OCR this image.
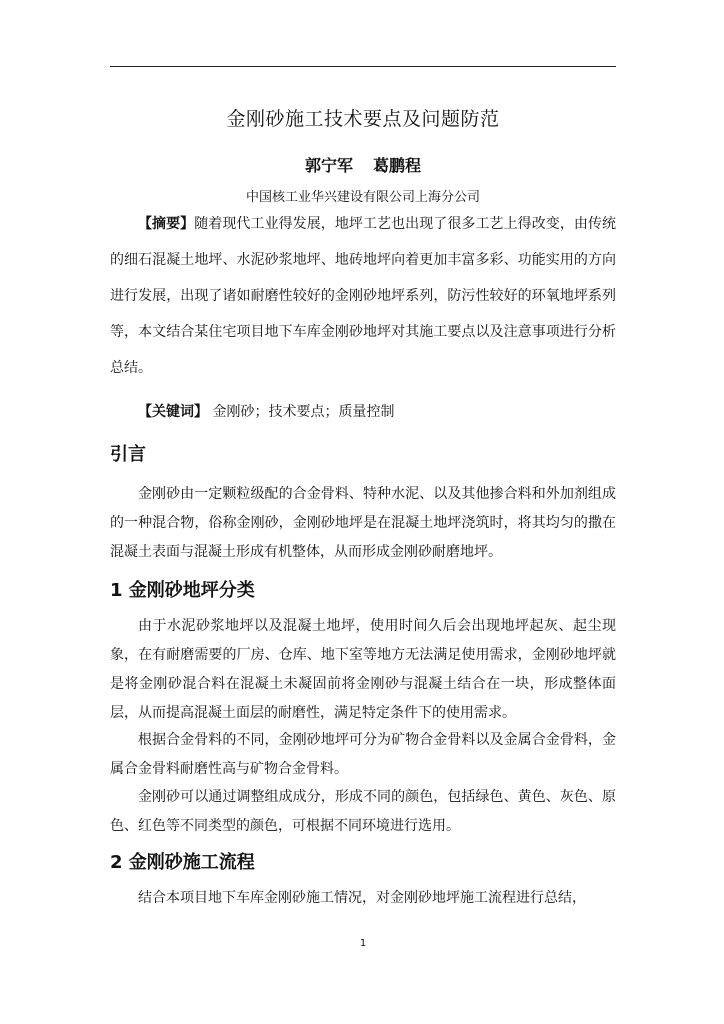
金刚砂施工技术要点及问题防范
郭宁军 葛鹏程
中国核工业华兴建设有限公司上海分公司

【摘要】随着现代工业得发展，地坪工艺也出现了很多工艺上得改变，由传统的细石混凝土地坪、水泥砂浆地坪、地砖地坪向着更加丰富多彩、功能实用的方向进行发展，出现了诸如耐磨性较好的金刚砂地坪系列，防污性较好的环氧地坪系列等，本文结合某住宅项目地下车库金刚砂地坪对其施工要点以及注意事项进行分析总结。

【关键词】 金刚砂；技术要点；质量控制

引言

金刚砂由一定颗粒级配的合金骨料、特种水泥、以及其他掺合料和外加剂组成的一种混合物，俗称金刚砂，金刚砂地坪是在混凝土地坪浇筑时，将其均匀的撒在混凝土表面与混凝土形成有机整体，从而形成金刚砂耐磨地坪。

1 金刚砂地坪分类

由于水泥砂浆地坪以及混凝土地坪，使用时间久后会出现地坪起灰、起尘现象，在有耐磨需要的厂房、仓库、地下室等地方无法满足使用需求，金刚砂地坪就是将金刚砂混合料在混凝土未凝固前将金刚砂与混凝土结合在一块，形成整体面层，从而提高混凝土面层的耐磨性，满足特定条件下的使用需求。

根据合金骨料的不同，金刚砂地坪可分为矿物合金骨料以及金属合金骨料，金属合金骨料耐磨性高与矿物合金骨料。

金刚砂可以通过调整组成成分，形成不同的颜色，包括绿色、黄色、灰色、原色、红色等不同类型的颜色，可根据不同环境进行选用。

2 金刚砂施工流程

结合本项目地下车库金刚砂施工情况，对金刚砂地坪施工流程进行总结，

1
